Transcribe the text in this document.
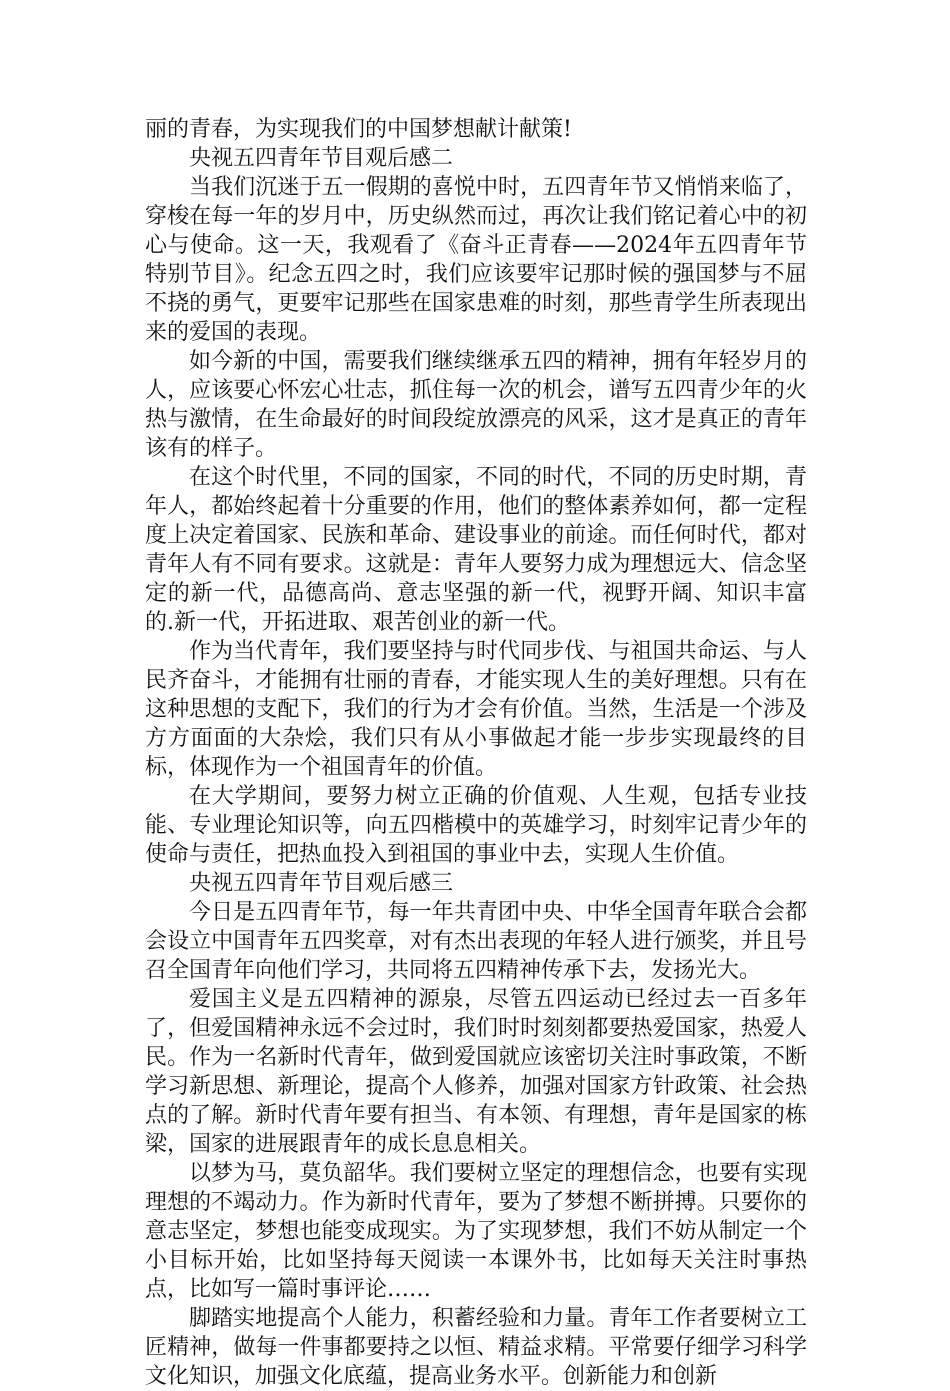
丽的青春，为实现我们的中国梦想献计献策!

央视五四青年节目观后感二

当我们沉迷于五一假期的喜悦中时，五四青年节又悄悄来临了，穿梭在每一年的岁月中，历史纵然而过，再次让我们铭记着心中的初心与使命。这一天，我观看了《奋斗正青春——2024年五四青年节特别节目》。纪念五四之时，我们应该要牢记那时候的强国梦与不屈不挠的勇气，更要牢记那些在国家患难的时刻，那些青学生所表现出来的爱国的表现。

如今新的中国，需要我们继续继承五四的精神，拥有年轻岁月的人，应该要心怀宏心壮志，抓住每一次的机会，谱写五四青少年的火热与激情，在生命最好的时间段绽放漂亮的风采，这才是真正的青年该有的样子。

在这个时代里，不同的国家，不同的时代，不同的历史时期，青年人，都始终起着十分重要的作用，他们的整体素养如何，都一定程度上决定着国家、民族和革命、建设事业的前途。而任何时代，都对青年人有不同有要求。这就是：青年人要努力成为理想远大、信念坚定的新一代，品德高尚、意志坚强的新一代，视野开阔、知识丰富的.新一代，开拓进取、艰苦创业的新一代。

作为当代青年，我们要坚持与时代同步伐、与祖国共命运、与人民齐奋斗，才能拥有壮丽的青春，才能实现人生的美好理想。只有在这种思想的支配下，我们的行为才会有价值。当然，生活是一个涉及方方面面的大杂烩，我们只有从小事做起才能一步步实现最终的目标，体现作为一个祖国青年的价值。

在大学期间，要努力树立正确的价值观、人生观，包括专业技能、专业理论知识等，向五四楷模中的英雄学习，时刻牢记青少年的使命与责任，把热血投入到祖国的事业中去，实现人生价值。

央视五四青年节目观后感三

今日是五四青年节，每一年共青团中央、中华全国青年联合会都会设立中国青年五四奖章，对有杰出表现的年轻人进行颁奖，并且号召全国青年向他们学习，共同将五四精神传承下去，发扬光大。

爱国主义是五四精神的源泉，尽管五四运动已经过去一百多年了，但爱国精神永远不会过时，我们时时刻刻都要热爱国家，热爱人民。作为一名新时代青年，做到爱国就应该密切关注时事政策，不断学习新思想、新理论，提高个人修养，加强对国家方针政策、社会热点的了解。新时代青年要有担当、有本领、有理想，青年是国家的栋梁，国家的进展跟青年的成长息息相关。

以梦为马，莫负韶华。我们要树立坚定的理想信念，也要有实现理想的不竭动力。作为新时代青年，要为了梦想不断拼搏。只要你的意志坚定，梦想也能变成现实。为了实现梦想，我们不妨从制定一个小目标开始，比如坚持每天阅读一本课外书，比如每天关注时事热点，比如写一篇时事评论……

脚踏实地提高个人能力，积蓄经验和力量。青年工作者要树立工匠精神，做每一件事都要持之以恒、精益求精。平常要仔细学习科学文化知识，加强文化底蕴，提高业务水平。创新能力和创新
